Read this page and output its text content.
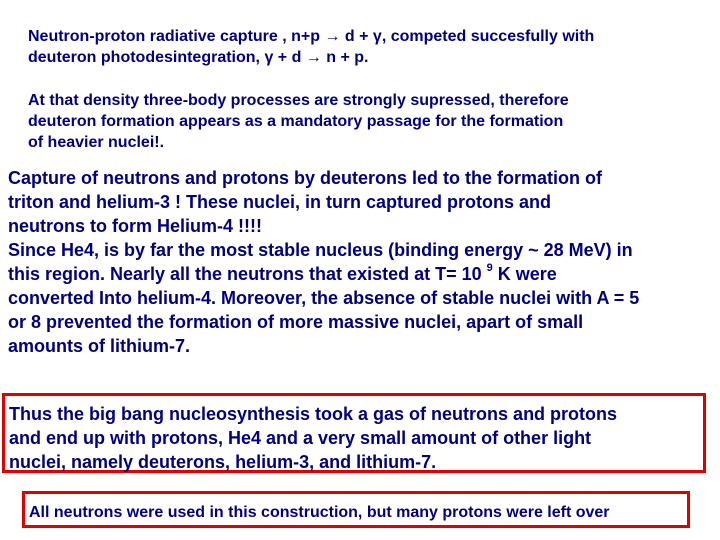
Neutron-proton radiative capture , n+p → d + γ, competed succesfully with
deuteron photodesintegration, γ + d → n + p.
At that density three-body processes are strongly supressed, therefore
deuteron formation appears as a mandatory passage for the formation
of heavier nuclei!.
Capture of neutrons and protons by deuterons led to the formation of
triton and helium-3 ! These nuclei, in turn captured protons and
neutrons to form Helium-4 !!!!
Since He4, is by far the most stable nucleus (binding energy ~ 28 MeV) in
this region. Nearly all the neutrons that existed at T= 10 $^9$ K were
converted Into helium-4. Moreover, the absence of stable nuclei with A = 5
or 8 prevented the formation of more massive nuclei, apart of small
amounts of lithium-7.
Thus the big bang nucleosynthesis took a gas of neutrons and protons
and end up with protons, He4 and a very small amount of other light
nuclei, namely deuterons, helium-3, and lithium-7.
All neutrons were used in this construction, but many protons were left over
